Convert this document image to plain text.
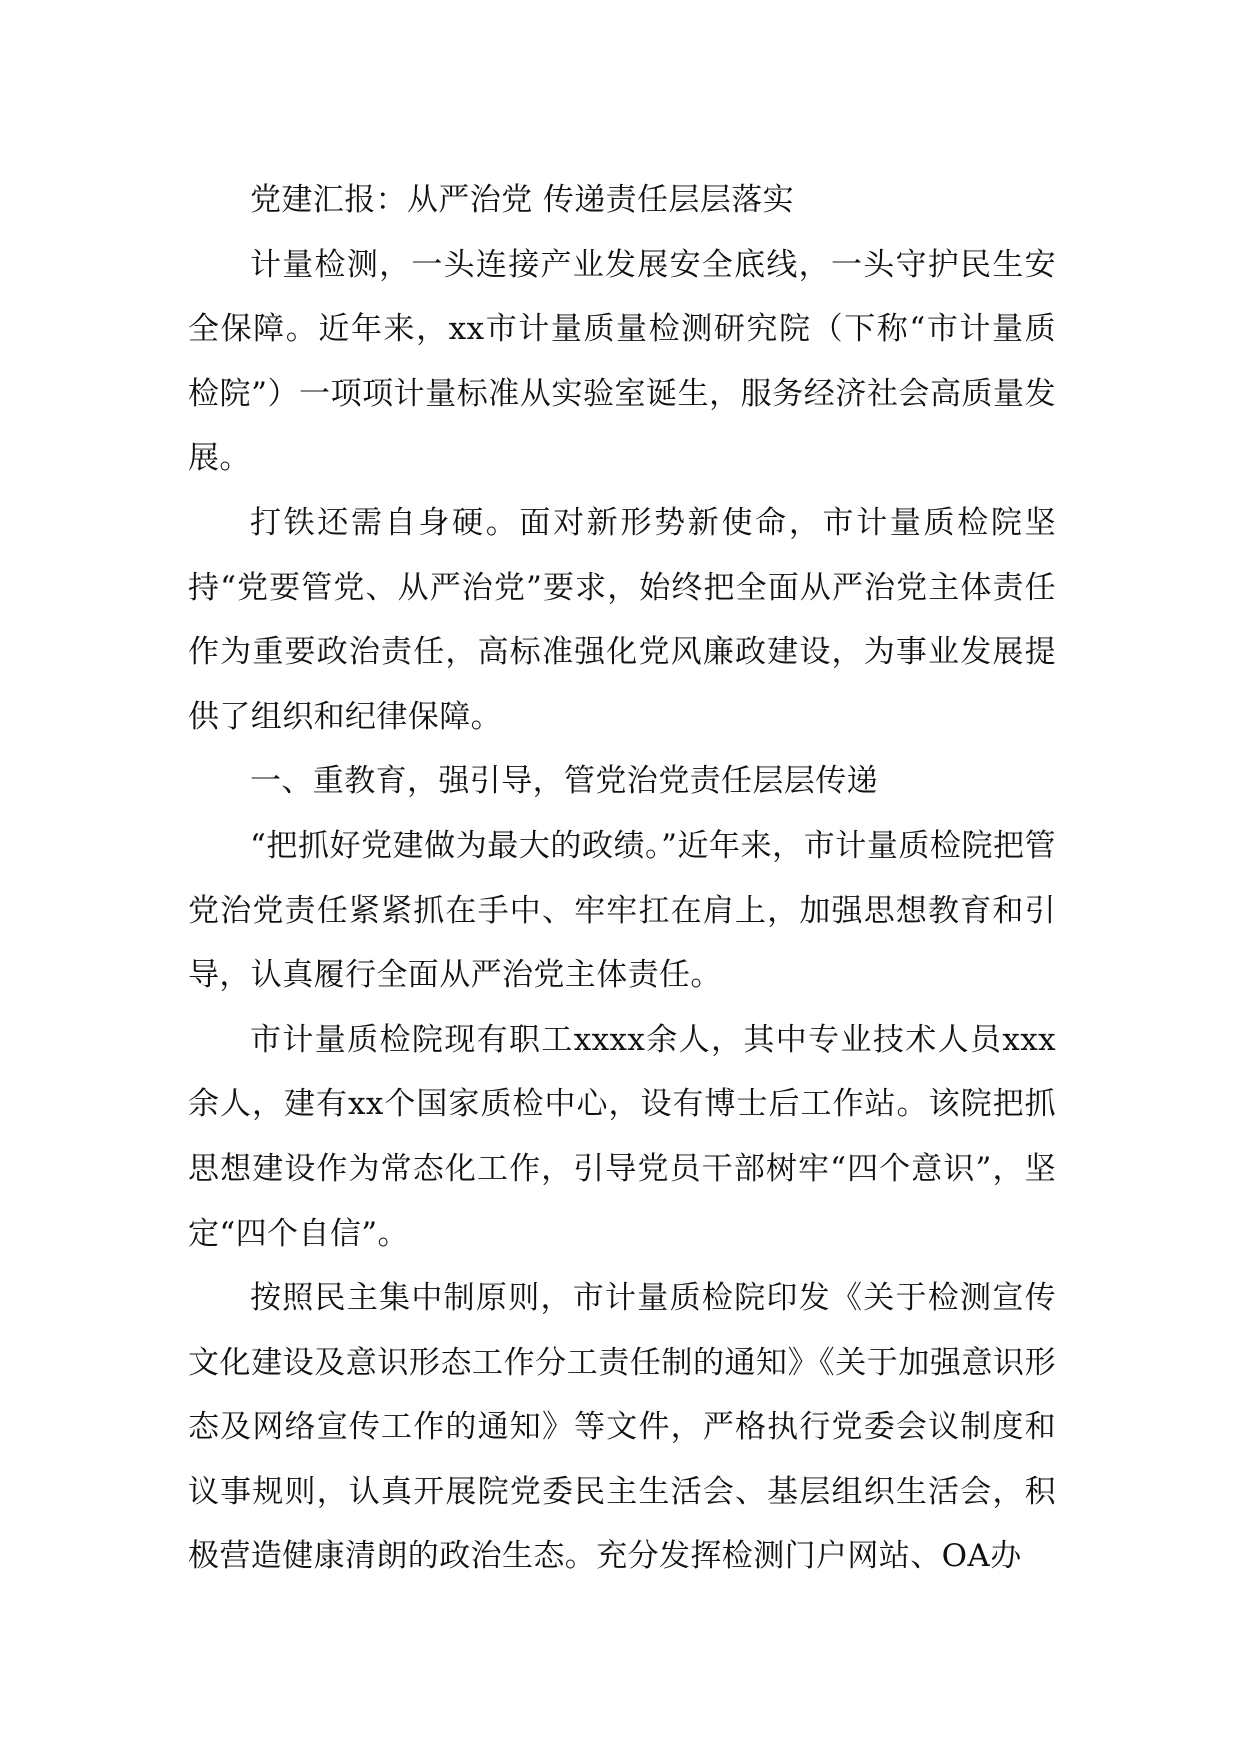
党建汇报：从严治党 传递责任层层落实

计量检测，一头连接产业发展安全底线，一头守护民生安全保障。近年来，xx市计量质量检测研究院（下称“市计量质检院”）一项项计量标准从实验室诞生，服务经济社会高质量发展。

打铁还需自身硬。面对新形势新使命，市计量质检院坚持“党要管党、从严治党”要求，始终把全面从严治党主体责任作为重要政治责任，高标准强化党风廉政建设，为事业发展提供了组织和纪律保障。

一、重教育，强引导，管党治党责任层层传递

“把抓好党建做为最大的政绩。”近年来，市计量质检院把管党治党责任紧紧抓在手中、牢牢扛在肩上，加强思想教育和引导，认真履行全面从严治党主体责任。

市计量质检院现有职工xxxx余人，其中专业技术人员xxx余人，建有xx个国家质检中心，设有博士后工作站。该院把抓思想建设作为常态化工作，引导党员干部树牢“四个意识”，坚定“四个自信”。

按照民主集中制原则，市计量质检院印发《关于检测宣传文化建设及意识形态工作分工责任制的通知》《关于加强意识形态及网络宣传工作的通知》等文件，严格执行党委会议制度和议事规则，认真开展院党委民主生活会、基层组织生活会，积极营造健康清朗的政治生态。充分发挥检测门户网站、OA办
